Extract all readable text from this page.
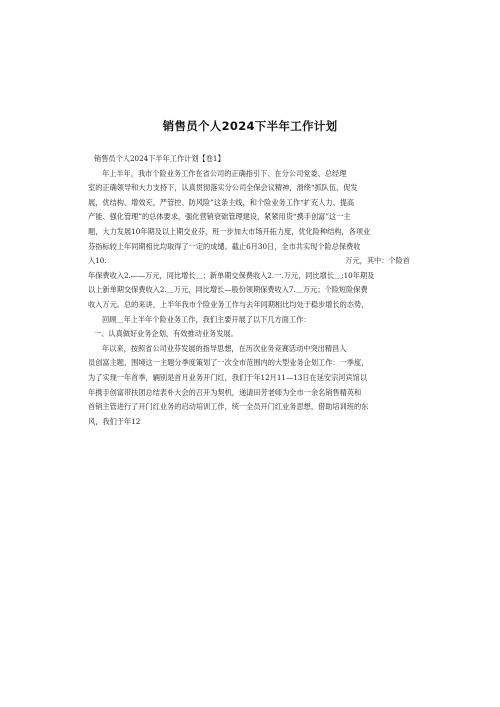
销售员个人2024下半年工作计划
销售员个人2024下半年工作计划【卷1】
年上半年，我市个险业务工作在省公司的正确指引下、在分公司党委、总经理
室的正确领导和大力支持下，认真贯彻落实分公司全保会议精神，滑绕“抓队伍、促发
展，优结构、增效充，严管控、防风险”这条主线，和个险业务工作“扩充人力、提高
产能、强化管理”的总体要求，强化营销衰础管理建设，紧紧用货“携手创富”这一主
题，大力发展10年期及以上期交业芬，班一步加大市场开拓力度，优化险种结构，各项业
芬指标较上年同期相比均取得了一定的成缱。截止6月30日，全市共实现个险总保费收
入10.	万元，其中：个险首
年保费收入2.——万元，同比增长＿；新单期交保费收入2.一.万元，同比增长＿;10年期及
以上新单期交保费收入2.＿万元，同比增长—般份领期保费收入7.＿万元；个险短险保费
收入万元。总的来讲，上半年我市个险业务工作与去年同期相比均处于稳步增长的态势，
回顾＿年上半年个险业务工作，我们主要开展了以下几方面工作：
一、认真做好业务企划，有效推动业务发展。
年以来，按照省公司业芬发展的指导思想，在历次业务竞赛活动中突出精昌人
员创富主题，围境这一主题分季度策划了一次全市范围内的大型业务企划工作：一季度，
为了实现一年首季，辆别是首月业务开门红，我们于年12月11—13日在延安宗河宾馆以
年携手创富带扶团总结表朴大会的召开为契机，递请田芳老师为全市一余名销售精英和
首销主管进行了开门红业务的启动培训工作，统一全员开门红业务思想，借助培训班的东
风，我们于年12
